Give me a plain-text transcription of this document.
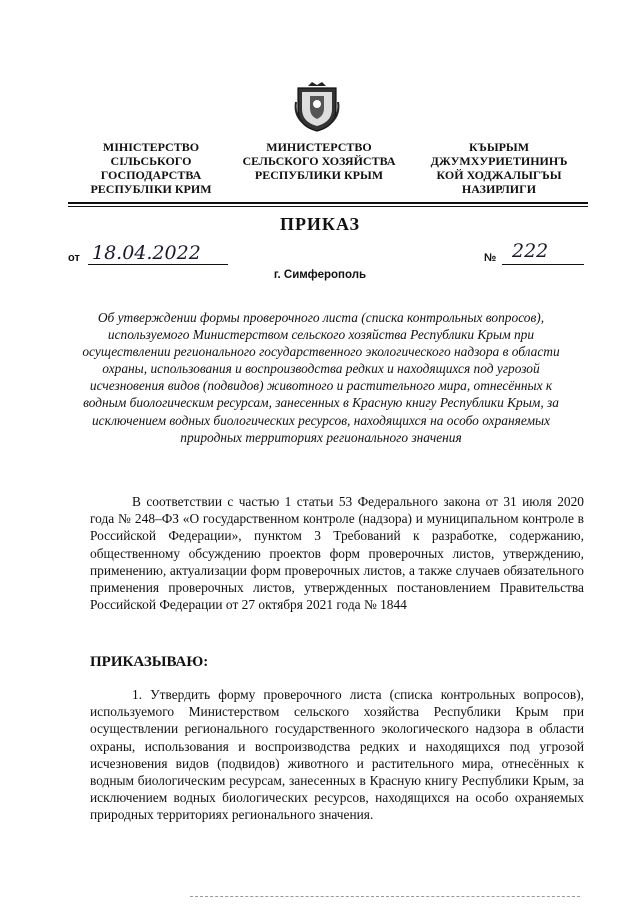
МІНІСТЕРСТВО
СІЛЬСЬКОГО
ГОСПОДАРСТВА
РЕСПУБЛІКИ КРИМ
МИНИСТЕРСТВО
СЕЛЬСКОГО ХОЗЯЙСТВА
РЕСПУБЛИКИ КРЫМ
КЪЫРЫМ
ДЖУМХУРИЕТИНИНЪ
КОЙ ХОДЖАЛЫГЪЫ
НАЗИРЛИГИ
ПРИКАЗ
от 18.04.2022	№ 222
г. Симферополь
Об утверждении формы проверочного листа (списка контрольных вопросов), используемого Министерством сельского хозяйства Республики Крым при осуществлении регионального государственного экологического надзора в области охраны, использования и воспроизводства редких и находящихся под угрозой исчезновения видов (подвидов) животного и растительного мира, отнесённых к водным биологическим ресурсам, занесенных в Красную книгу Республики Крым, за исключением водных биологических ресурсов, находящихся на особо охраняемых природных территориях регионального значения
В соответствии с частью 1 статьи 53 Федерального закона от 31 июля 2020 года № 248–ФЗ «О государственном контроле (надзора) и муниципальном контроле в Российской Федерации», пунктом 3 Требований к разработке, содержанию, общественному обсуждению проектов форм проверочных листов, утверждению, применению, актуализации форм проверочных листов, а также случаев обязательного применения проверочных листов, утвержденных постановлением Правительства Российской Федерации от 27 октября 2021 года № 1844
ПРИКАЗЫВАЮ:
1. Утвердить форму проверочного листа (списка контрольных вопросов), используемого Министерством сельского хозяйства Республики Крым при осуществлении регионального государственного экологического надзора в области охраны, использования и воспроизводства редких и находящихся под угрозой исчезновения видов (подвидов) животного и растительного мира, отнесённых к водным биологическим ресурсам, занесенных в Красную книгу Республики Крым, за исключением водных биологических ресурсов, находящихся на особо охраняемых природных территориях регионального значения.
